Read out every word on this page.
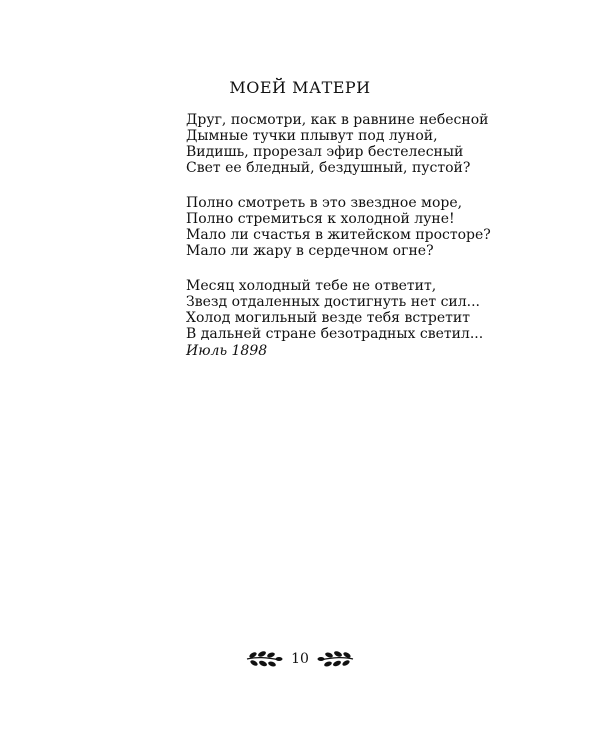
МОЕЙ МАТЕРИ
Друг, посмотри, как в равнине небесной
Дымные тучки плывут под луной,
Видишь, прорезал эфир бестелесный
Свет ее бледный, бездушный, пустой?
Полно смотреть в это звездное море,
Полно стремиться к холодной луне!
Мало ли счастья в житейском просторе?
Мало ли жару в сердечном огне?
Месяц холодный тебе не ответит,
Звезд отдаленных достигнуть нет сил...
Холод могильный везде тебя встретит
В дальней стране безотрадных светил...

Июль 1898

10
